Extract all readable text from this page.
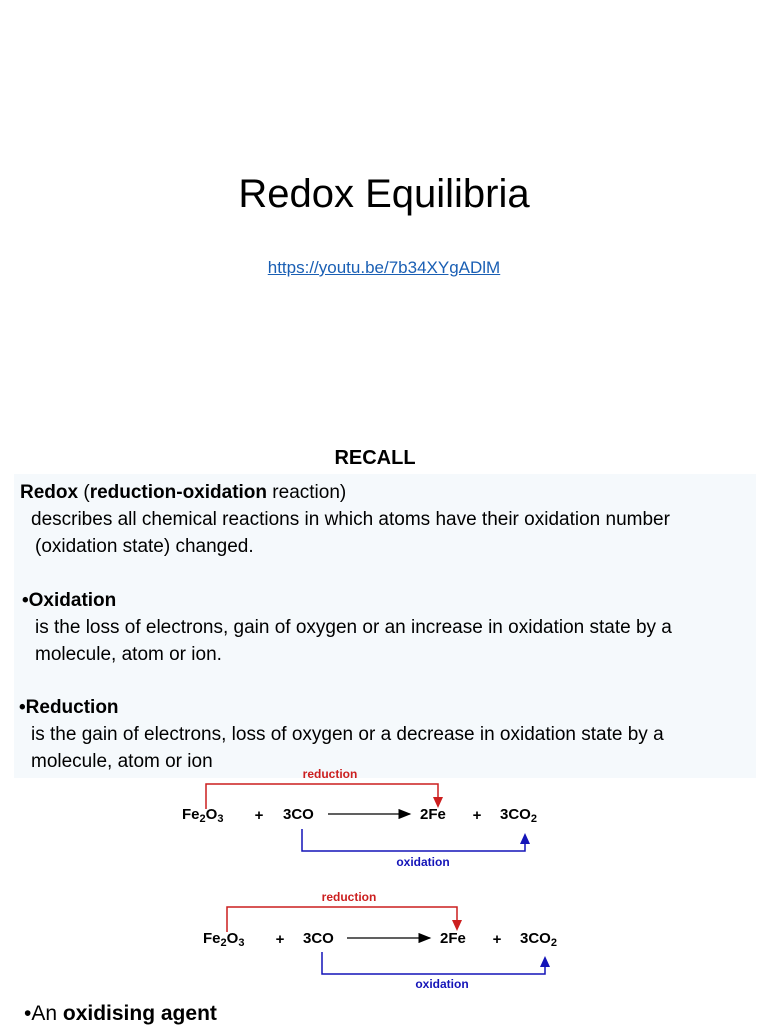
Redox Equilibria
https://youtu.be/7b34XYgADlM
RECALL
Redox (reduction-oxidation reaction)
describes all chemical reactions in which atoms have their oxidation number
(oxidation state) changed.
•Oxidation
is the loss of electrons, gain of oxygen or an increase in oxidation state by a
molecule, atom or ion.
•Reduction
is the gain of electrons, loss of oxygen or a decrease in oxidation state by a
molecule, atom or ion
reduction
$Fe_2O_3 + 3CO$	$2Fe + 3CO_2$
oxidation
reduction
$Fe_2O_3 + 3CO$	$2Fe + 3CO_2$
oxidation
•An oxidising agent
